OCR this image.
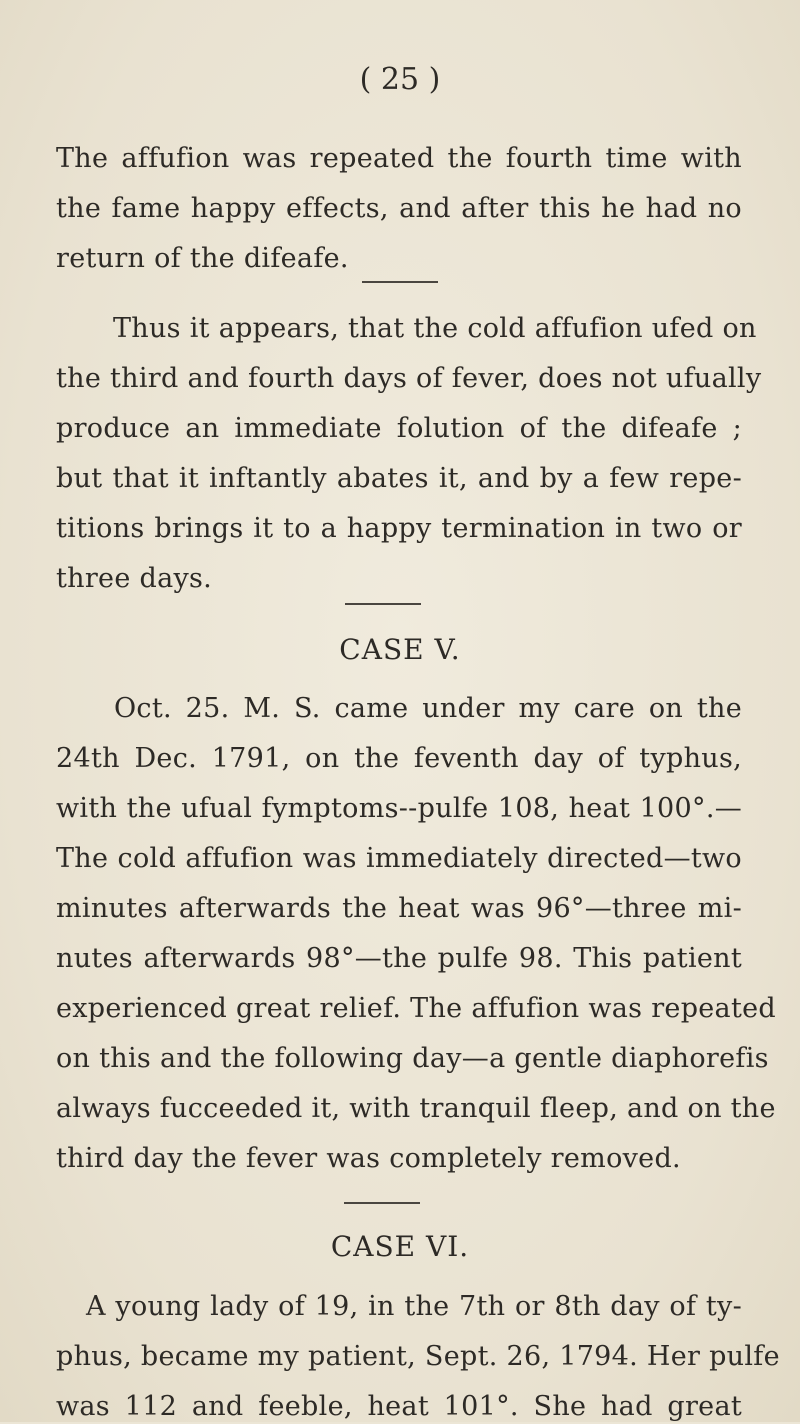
( 25 )
The affufion was repeated the fourth time with
the fame happy effects, and after this he had no
return of the difeafe.
Thus it appears, that the cold affufion ufed on
the third and fourth days of fever, does not ufually
produce an immediate folution of the difeafe ;
but that it inftantly abates it, and by a few repe-
titions brings it to a happy termination in two or
three days.
CASE V.
Oct. 25. M. S. came under my care on the
24th Dec. 1791, on the feventh day of typhus,
with the ufual fymptoms--pulfe 108, heat 100°.—
The cold affufion was immediately directed—two
minutes afterwards the heat was 96°—three mi-
nutes afterwards 98°—the pulfe 98. This patient
experienced great relief. The affufion was repeated
on this and the following day—a gentle diaphorefis
always fucceeded it, with tranquil fleep, and on the
third day the fever was completely removed.
CASE VI.
A young lady of 19, in the 7th or 8th day of ty-
phus, became my patient, Sept. 26, 1794. Her pulfe
was 112 and feeble, heat 101°. She had great
